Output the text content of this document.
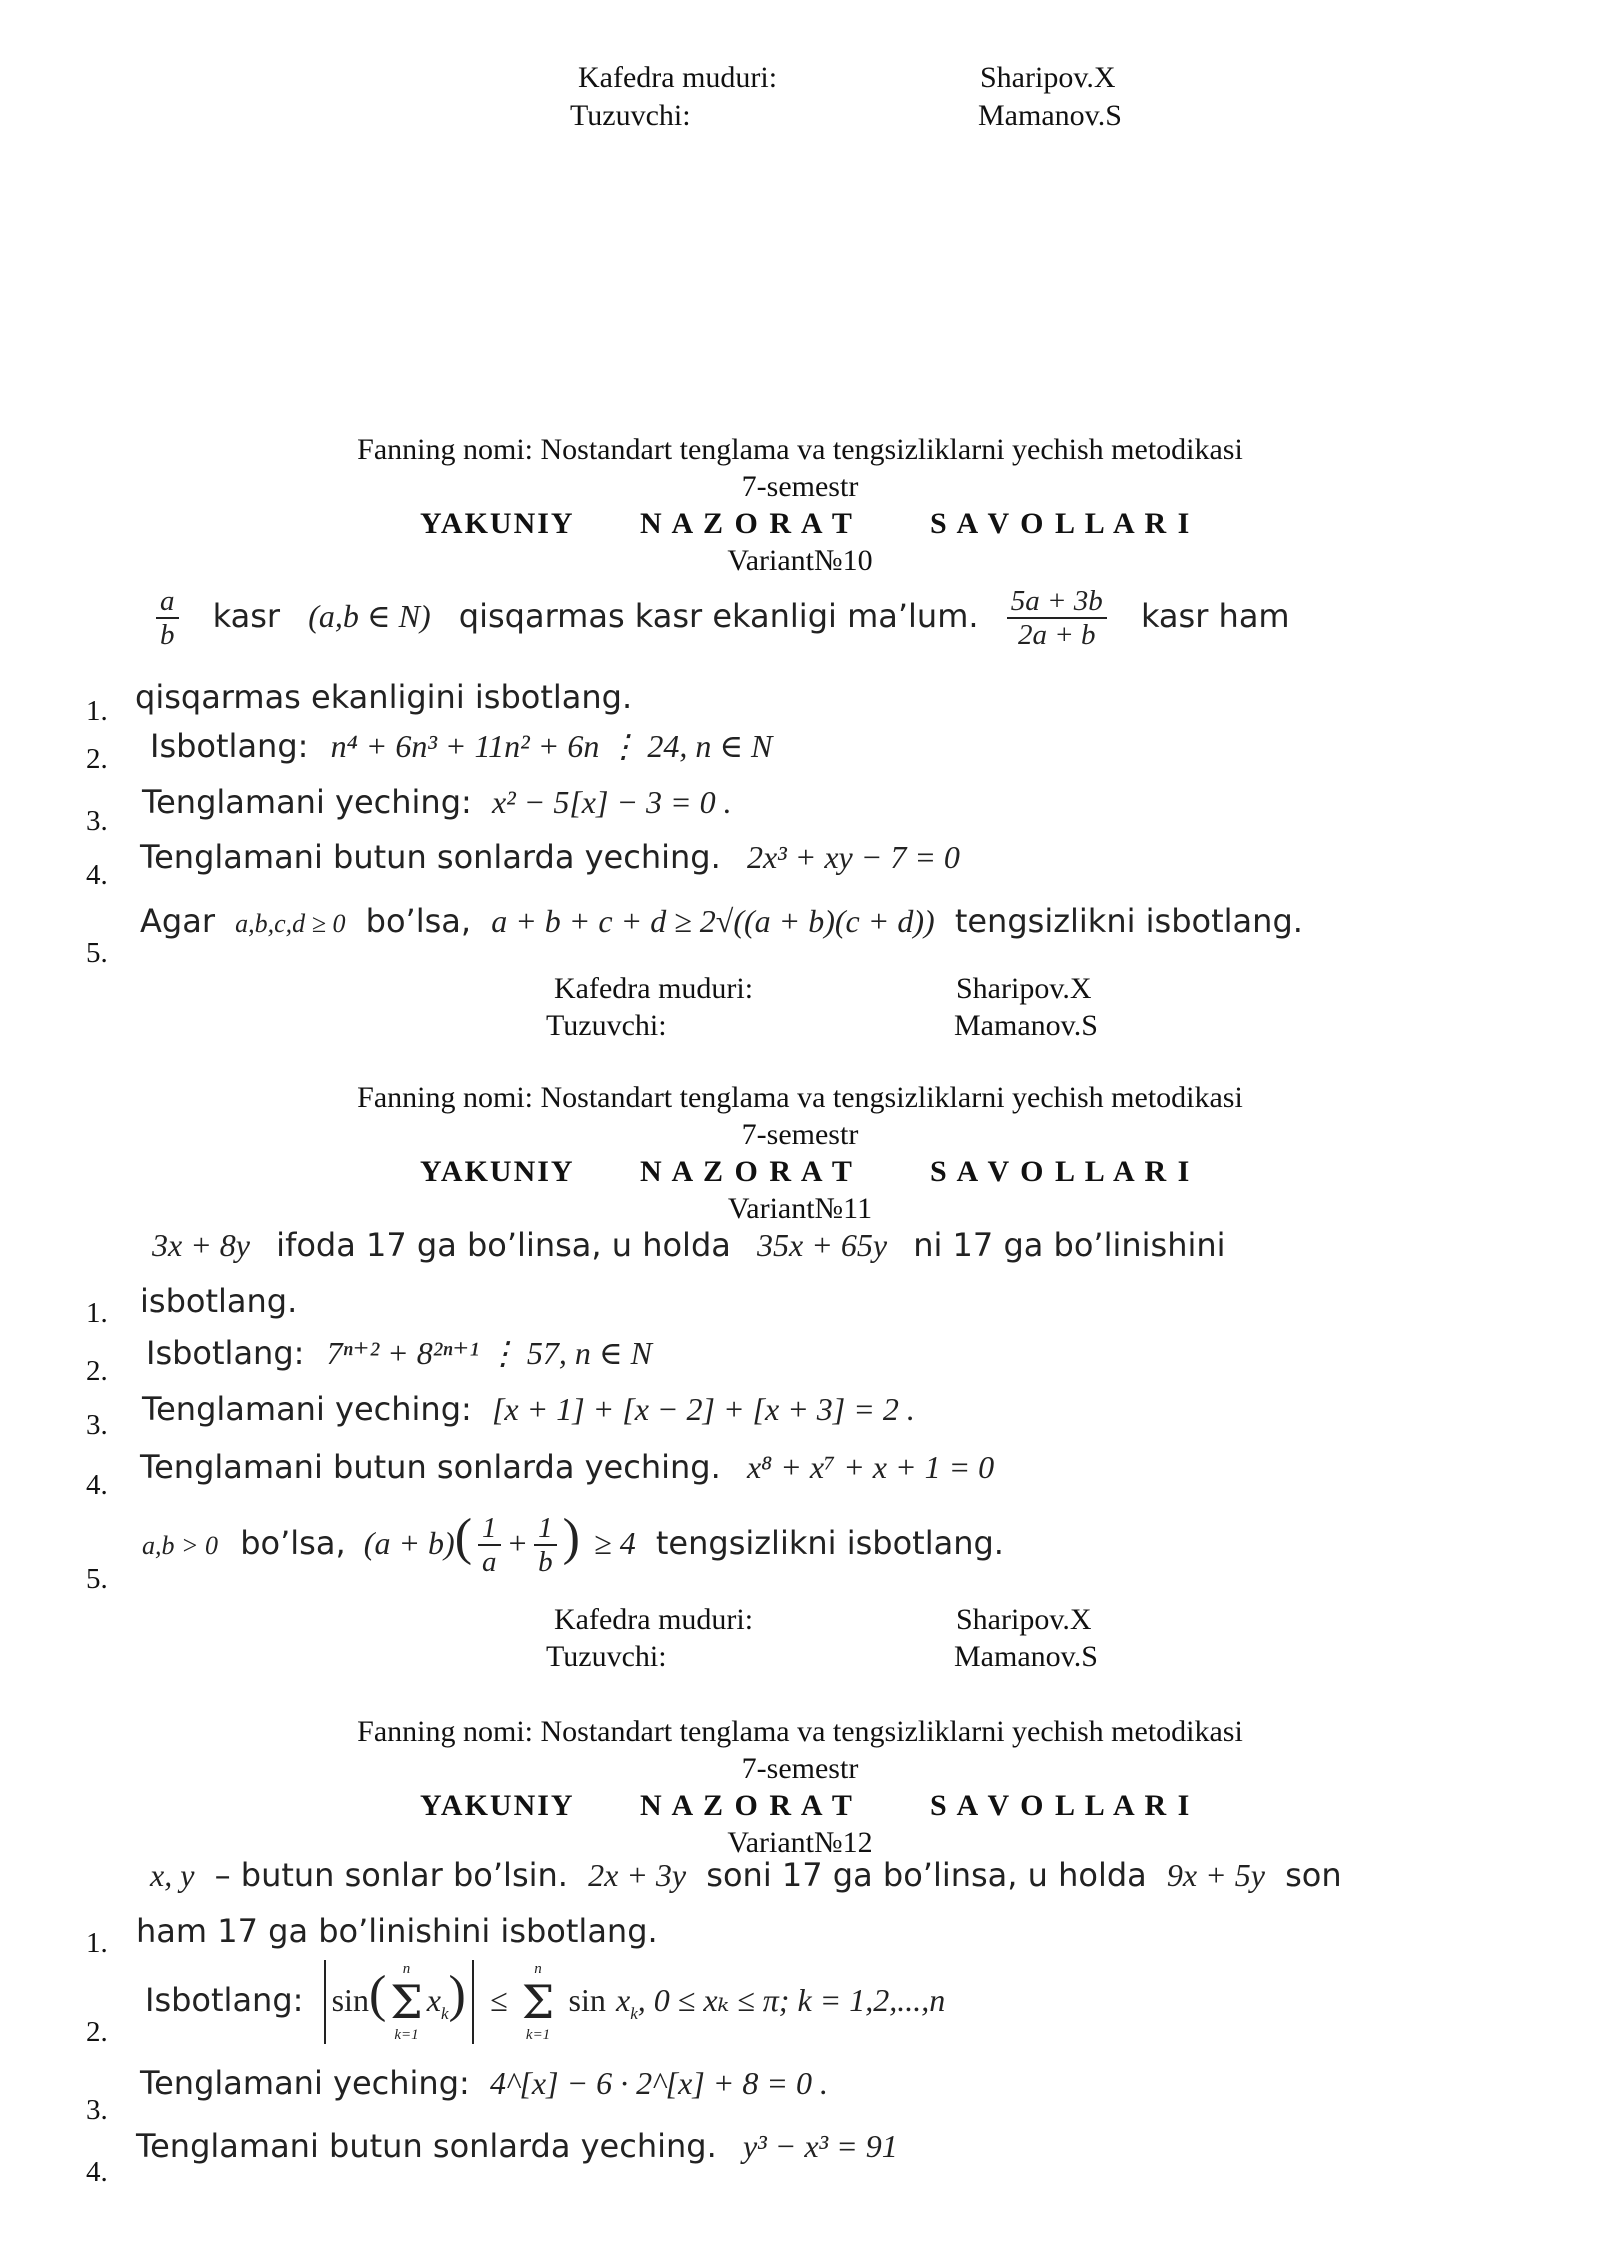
Kafedra muduri:	Sharipov.X
Tuzuvchi:	Mamanov.S
Fanning nomi: Nostandart tenglama va tengsizliklarni yechish metodikasi
7-semestr
YAKUNIY N A Z O R A T	S A V O L L A R I
Variant№10
$\frac{a}{b}$ kasr (a,b ∈ N) qisqarmas kasr ekanligi ma’lum. $\frac{5a + 3b}{2a + b}$ kasr ham
qisqarmas ekanligini isbotlang.
1.
Isbotlang: n⁴ + 6n³ + 11n² + 6n ⋮ 24, n ∈ N
2.
Tenglamani yeching: x² − 5[x] − 3 = 0 .
3.
Tenglamani butun sonlarda yeching. 2x³ + xy − 7 = 0
4.
Agar a,b,c,d ≥ 0 bo’lsa, a + b + c + d ≥ 2√((a + b)(c + d)) tengsizlikni isbotlang.
5.
Kafedra muduri:	Sharipov.X
Tuzuvchi:	Mamanov.S
Fanning nomi: Nostandart tenglama va tengsizliklarni yechish metodikasi
7-semestr
YAKUNIY N A Z O R A T	S A V O L L A R I
Variant№11
3x + 8y ifoda 17 ga bo’linsa, u holda 35x + 65y ni 17 ga bo’linishini
isbotlang.
1.
Isbotlang: 7ⁿ⁺² + 8²ⁿ⁺¹ ⋮ 57, n ∈ N
2.
Tenglamani yeching: [x + 1] + [x − 2] + [x + 3] = 2 .
3.
Tenglamani butun sonlarda yeching. x⁸ + x⁷ + x + 1 = 0
4.
a,b > 0 bo’lsa, $(a + b)( \frac{1}{a} + \frac{1}{b}$ ) ≥ 4 tengsizlikni isbotlang.
5.
Kafedra muduri:	Sharipov.X
Tuzuvchi:	Mamanov.S
Fanning nomi: Nostandart tenglama va tengsizliklarni yechish metodikasi
7-semestr
YAKUNIY N A Z O R A T	S A V O L L A R I
Variant№12
x, y – butun sonlar bo’lsin. 2x + 3y soni 17 ga bo’linsa, u holda 9x + 5y son
ham 17 ga bo’linishini isbotlang.
1.
Isbotlang: sin(	n
Σ
k=1
$x_k$) ≤
n
Σ
k=1
$\sin x_k$, 0 ≤ xₖ ≤ π; k = 1,2,...,n
2.
Tenglamani yeching: 4^[x] − 6 · 2^[x] + 8 = 0 .
3.
Tenglamani butun sonlarda yeching. y³ − x³ = 91
4.
